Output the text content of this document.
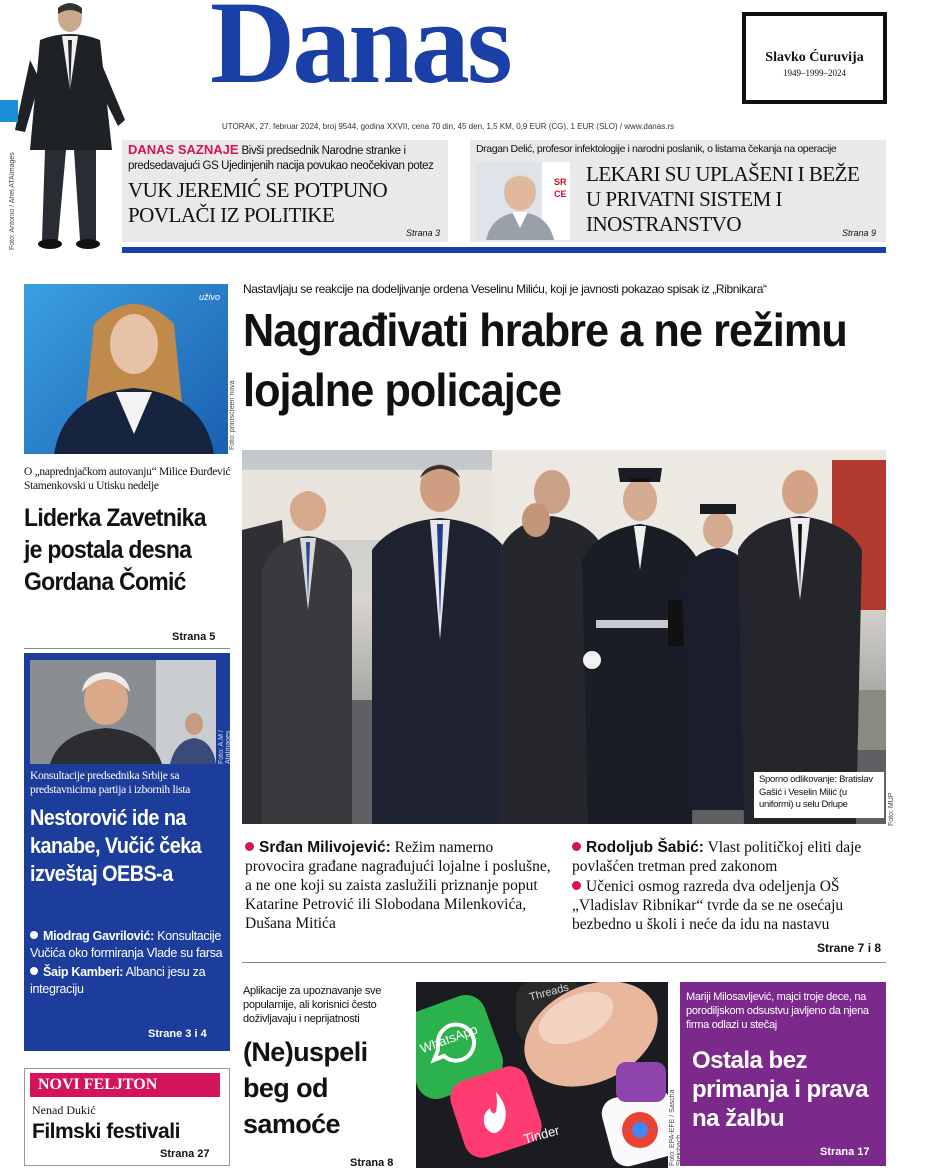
Foto: Antonio / Ahel ATAImages
Danas	Slavko Ćuruvija
1949–1999–2024
UTORAK, 27. februar 2024, broj 9544, godina XXVII, cena 70 din, 45 den, 1,5 KM, 0,9 EUR (CG), 1 EUR (SLO) / www.danas.rs
DANAS SAZNAJE Bivši predsednik Narodne stranke i predsedavajući GS Ujedinjenih nacija povukao neočekivan potez
VUK JEREMIĆ SE POTPUNO POVLAČI IZ POLITIKE
Strana 3
Dragan Delić, profesor infektologije i narodni poslanik, o listama čekanja na operacije
SR CE
LEKARI SU UPLAŠENI I BEŽE U PRIVATNI SISTEM I INOSTRANSTVO	Strana 9
uživo
Foto: printscreen nova
O „naprednjačkom autovanju“ Milice Đurđević Stamenkovski u Utisku nedelje
Liderka Zavetnika je postala desna Gordana Čomić
Strana 5
Foto: A.M / AtaImages
Konsultacije predsednika Srbije sa predstavnicima partija i izbornih lista
Nestorović ide na kanabe, Vučić čeka izveštaj OEBS-a
Miodrag Gavrilović: Konsultacije Vučića oko formiranja Vlade su farsa
Šaip Kamberi: Albanci jesu za integraciju
Strane 3 i 4
NOVI FELJTON
Nenad Dukić
Filmski festivali
Strana 27
Nastavljaju se reakcije na dodeljivanje ordena Veselinu Miliću, koji je javnosti pokazao spisak iz „Ribnikara“
Nagrađivati hrabre a ne režimu lojalne policajce
Sporno odlikovanje: Bratislav Gašić i Veselin Milić (u uniformi) u selu Drlupe	Foto: MUP
Srđan Milivojević: Režim namerno provocira građane nagrađujući lojalne i poslušne, a ne one koji su zaista zaslužili priznanje poput Katarine Petrović ili Slobodana Milenkovića, Dušana Mitića
Rodoljub Šabić: Vlast političkoj eliti daje povlašćen tretman pred zakonom
Učenici osmog razreda dva odeljenja OŠ „Vladislav Ribnikar“ tvrde da se ne osećaju bezbedno u školi i neće da idu na nastavu
Strane 7 i 8
Aplikacije za upoznavanje sve popularnije, ali korisnici često doživljavaju i neprijatnosti
(Ne)uspeli beg od samoće
Strana 8
WhatsApp
Tinder
Threads
Foto: EPA-EFE / Sascha
Mariji Milosavljević, majci troje dece, na porodiljskom odsustvu javljeno da njena firma odlazi u stečaj
Ostala bez primanja i prava na žalbu
Strana 17
